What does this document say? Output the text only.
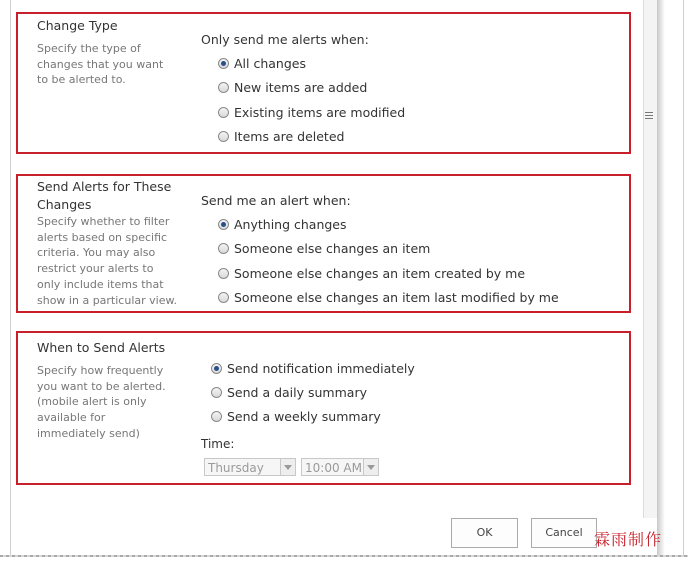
Change Type
Specify the type of changes that you want to be alerted to.
Only send me alerts when:
All changes
New items are added
Existing items are modified
Items are deleted
Send Alerts for These
Changes
Specify whether to filter alerts based on specific criteria. You may also restrict your alerts to only include items that show in a particular view.
Send me an alert when:
Anything changes
Someone else changes an item
Someone else changes an item created by me
Someone else changes an item last modified by me
When to Send Alerts
Specify how frequently you want to be alerted. (mobile alert is only available for immediately send)
Send notification immediately
Send a daily summary
Send a weekly summary
Time:
Thursday	10:00 AM
OK	Cancel 霖雨制作
